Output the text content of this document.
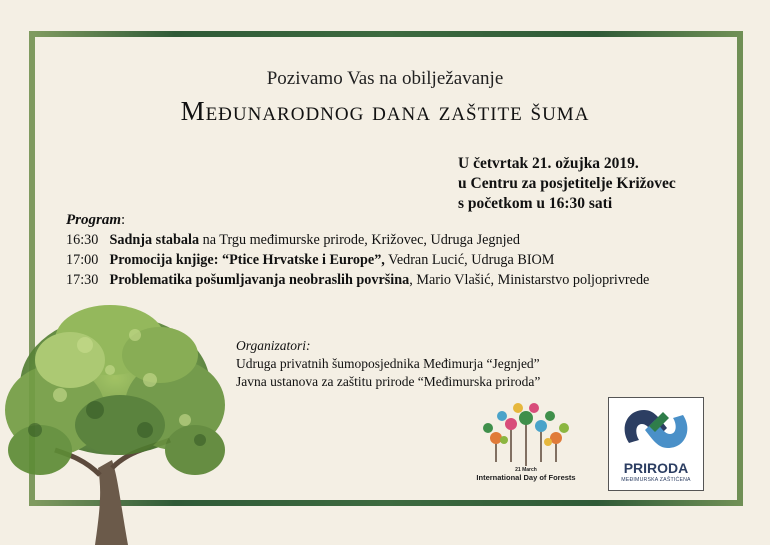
Pozivamo Vas na obilježavanje
Međunarodnog dana zaštite šuma
U četvrtak 21. ožujka 2019.
u Centru za posjetitelje Križovec
s početkom u 16:30 sati
Program:
16:30 Sadnja stabala na Trgu međimurske prirode, Križovec, Udruga Jegnjed
17:00 Promocija knjige: “Ptice Hrvatske i Europe”, Vedran Lucić, Udruga BIOM
17:30 Problematika pošumljavanja neobraslih površina, Mario Vlašić, Ministarstvo poljoprivrede
Organizatori:
Udruga privatnih šumoposjednika Međimurja “Jegnjed”
Javna ustanova za zaštitu prirode “Međimurska priroda”
21 March
International Day of Forests
PRIRODA
MEĐIMURSKA ZAŠTIĆENA
